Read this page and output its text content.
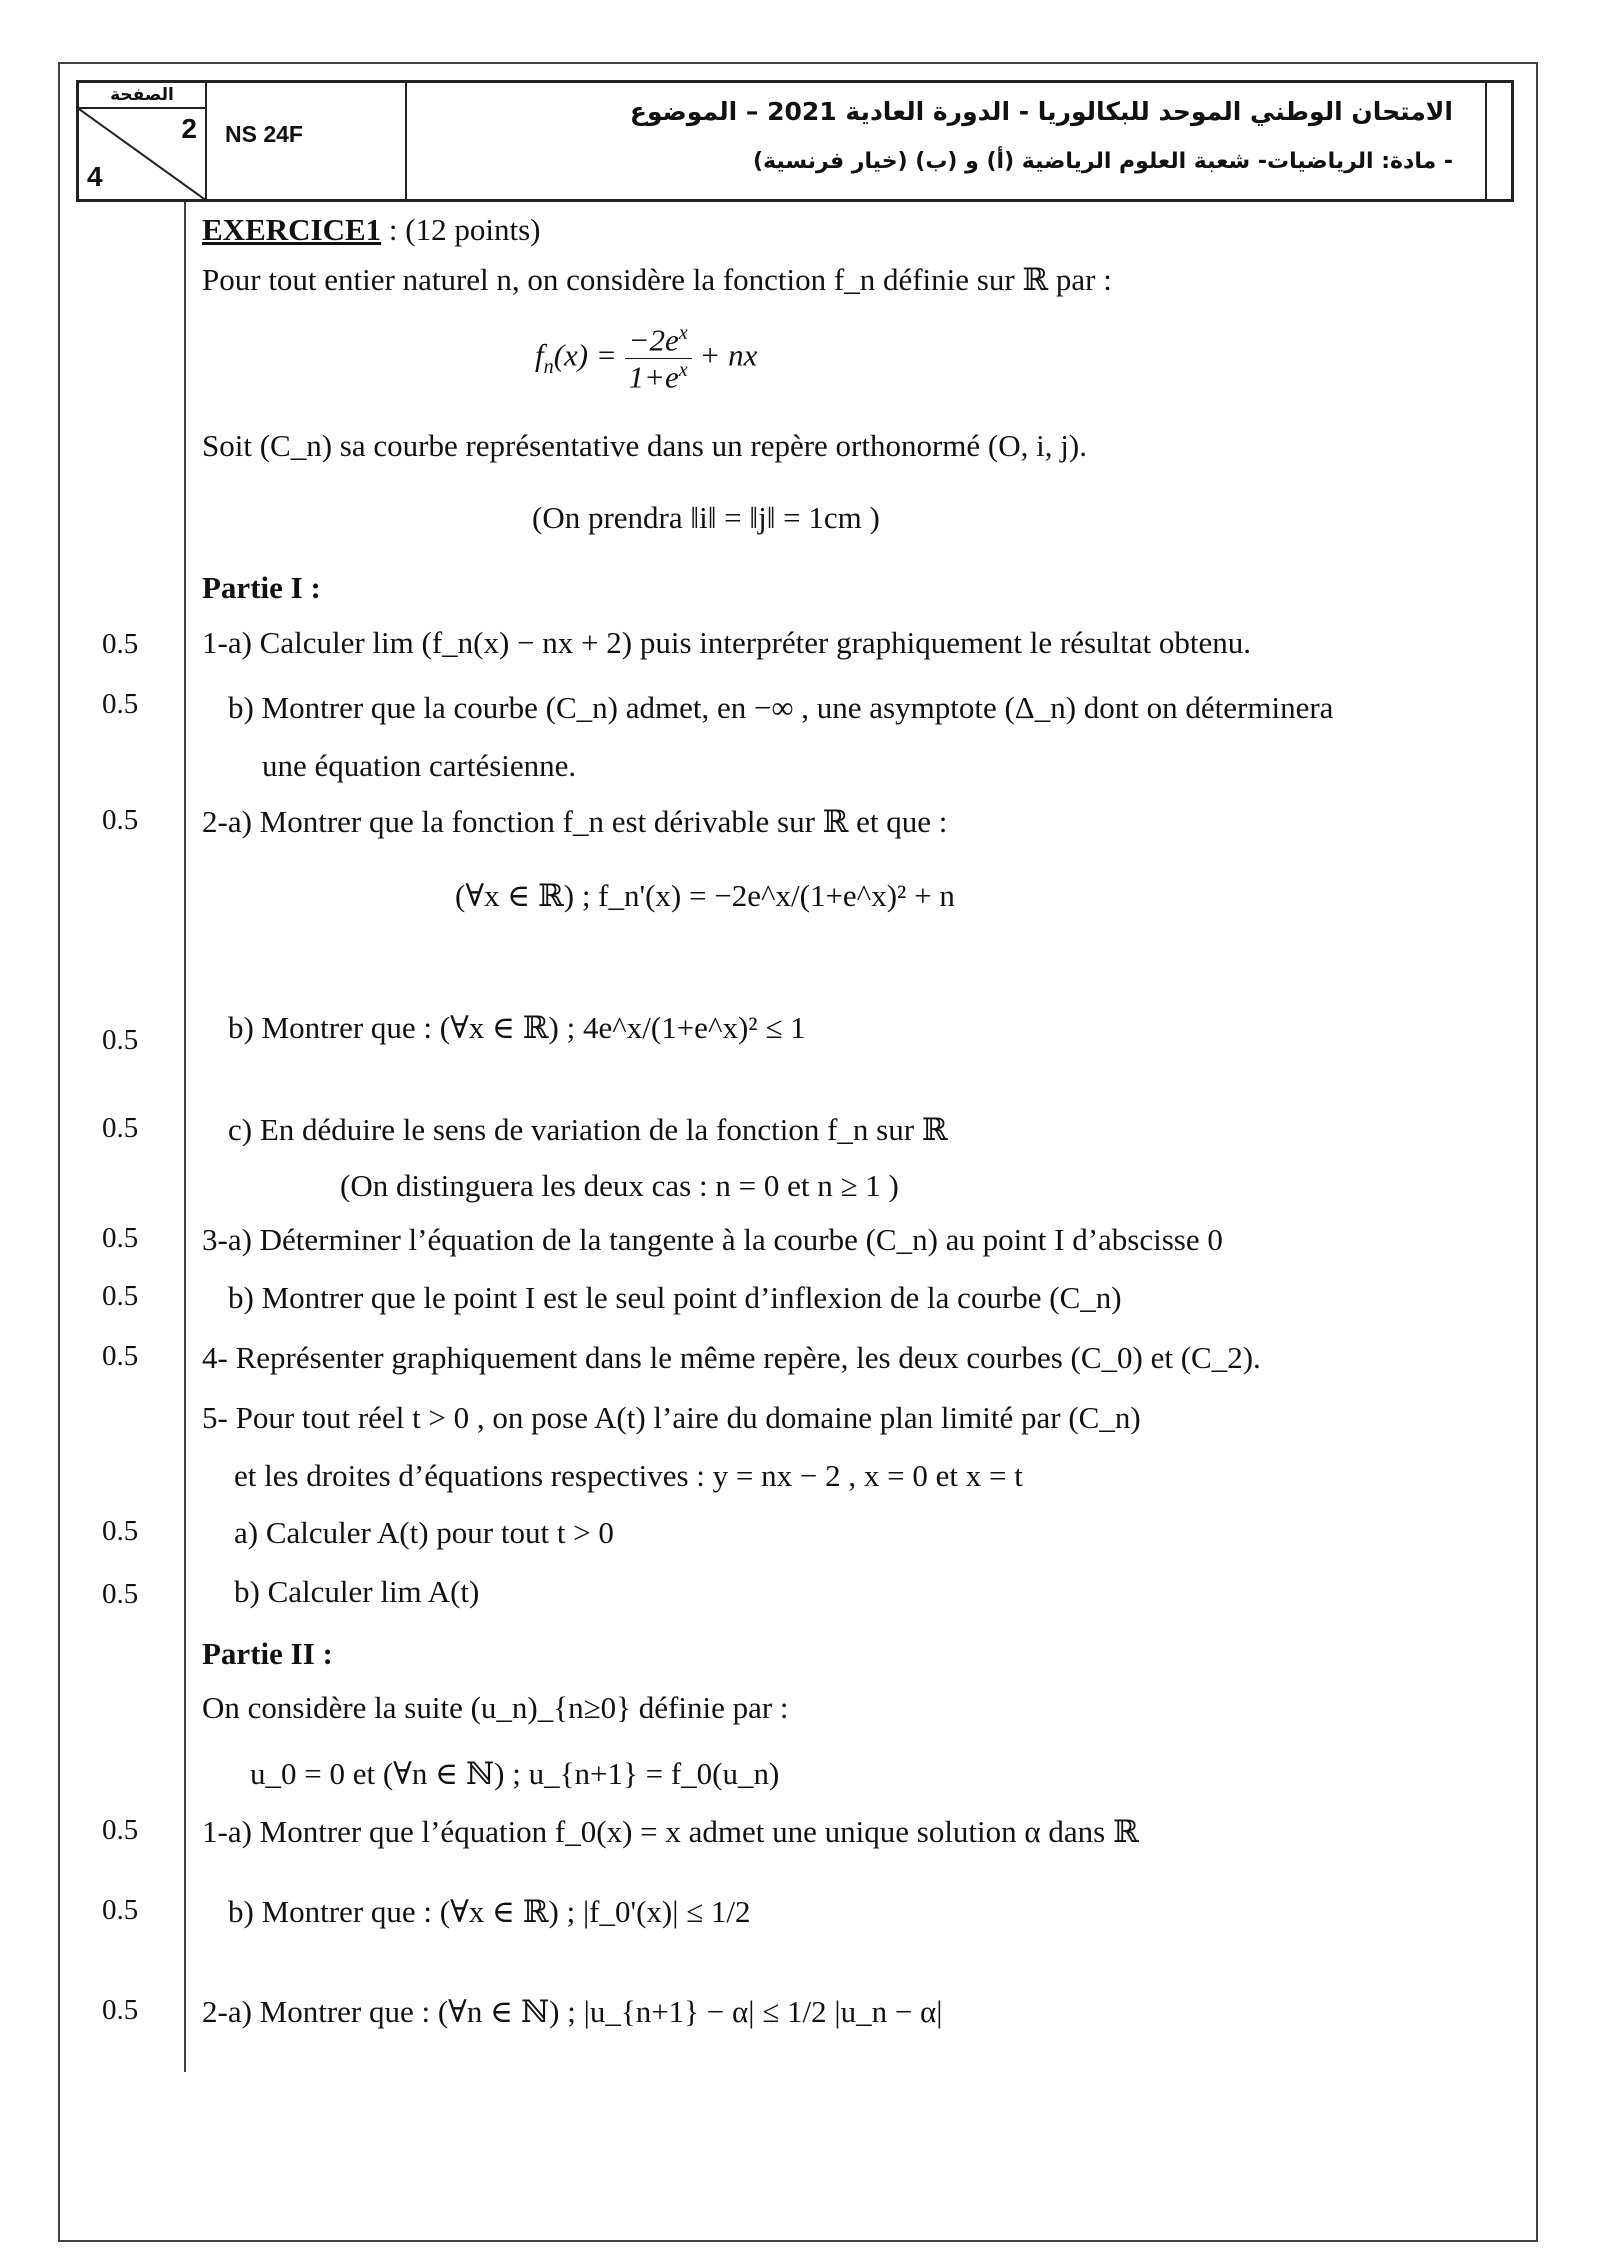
الصفحة
2
4
NS 24F
الامتحان الوطني الموحد للبكالوريا - الدورة العادية 2021 – الموضوع
- مادة: الرياضيات- شعبة العلوم الرياضية (أ) و (ب) (خيار فرنسية)
0.5
0.5
0.5
0.5
0.5
0.5
0.5
0.5
0.5
0.5
0.5
0.5
0.5
EXERCICE1 : (12 points)
Pour tout entier naturel n, on considère la fonction f_n définie sur ℝ par :
$f_n(x) = \frac{-2e^x}{1+e^x}$ + nx
Soit (C_n) sa courbe représentative dans un repère orthonormé (O, i, j).
(On prendra ‖i‖ = ‖j‖ = 1cm )
Partie I :
1-a) Calculer lim (f_n(x) − nx + 2) puis interpréter graphiquement le résultat obtenu.
b) Montrer que la courbe (C_n) admet, en −∞ , une asymptote (Δ_n) dont on déterminera
une équation cartésienne.
2-a) Montrer que la fonction f_n est dérivable sur ℝ et que :
(∀x ∈ ℝ) ; f_n'(x) = −2e^x/(1+e^x)² + n
b) Montrer que : (∀x ∈ ℝ) ; 4e^x/(1+e^x)² ≤ 1
c) En déduire le sens de variation de la fonction f_n sur ℝ
(On distinguera les deux cas : n = 0 et n ≥ 1 )
3-a) Déterminer l’équation de la tangente à la courbe (C_n) au point I d’abscisse 0
b) Montrer que le point I est le seul point d’inflexion de la courbe (C_n)
4- Représenter graphiquement dans le même repère, les deux courbes (C_0) et (C_2).
5- Pour tout réel t > 0 , on pose A(t) l’aire du domaine plan limité par (C_n)
et les droites d’équations respectives : y = nx − 2 , x = 0 et x = t
a) Calculer A(t) pour tout t > 0
b) Calculer lim A(t)
Partie II :
On considère la suite (u_n)_{n≥0} définie par :
u_0 = 0 et (∀n ∈ ℕ) ; u_{n+1} = f_0(u_n)
1-a) Montrer que l’équation f_0(x) = x admet une unique solution α dans ℝ
b) Montrer que : (∀x ∈ ℝ) ; |f_0'(x)| ≤ 1/2
2-a) Montrer que : (∀n ∈ ℕ) ; |u_{n+1} − α| ≤ 1/2 |u_n − α|
